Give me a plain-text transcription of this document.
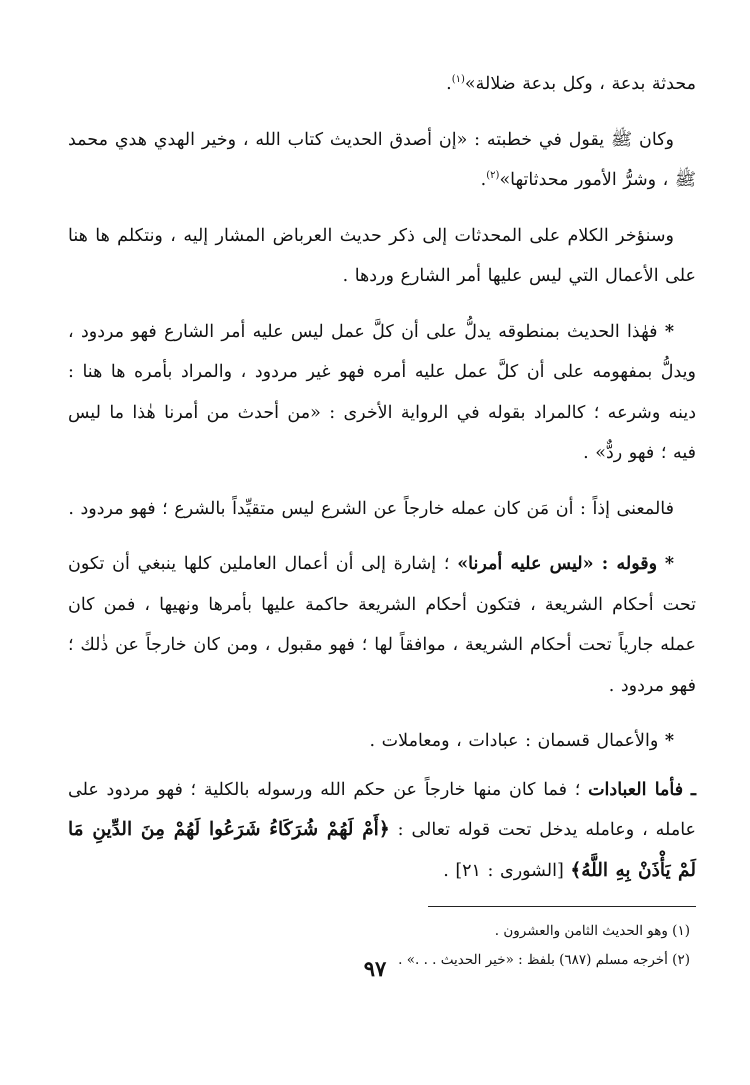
محدثة بدعة ، وكل بدعة ضلالة»$^{(١)}$.

وكان ﷺ يقول في خطبته : «إن أصدق الحديث كتاب الله ، وخير الهدي هدي محمد ﷺ ، وشرُّ الأمور محدثاتها»$^{(٢)}$.

وسنؤخر الكلام على المحدثات إلى ذكر حديث العرباض المشار إليه ، ونتكلم ها هنا على الأعمال التي ليس عليها أمر الشارع وردها .

* فهٰذا الحديث بمنطوقه يدلُّ على أن كلَّ عمل ليس عليه أمر الشارع فهو مردود ، ويدلُّ بمفهومه على أن كلَّ عمل عليه أمره فهو غير مردود ، والمراد بأمره ها هنا : دينه وشرعه ؛ كالمراد بقوله في الرواية الأخرى : «من أحدث من أمرنا هٰذا ما ليس فيه ؛ فهو ردٌّ» .

فالمعنى إذاً : أن مَن كان عمله خارجاً عن الشرع ليس متقيِّداً بالشرع ؛ فهو مردود .

* وقوله : «ليس عليه أمرنا» ؛ إشارة إلى أن أعمال العاملين كلها ينبغي أن تكون تحت أحكام الشريعة ، فتكون أحكام الشريعة حاكمة عليها بأمرها ونهيها ، فمن كان عمله جارياً تحت أحكام الشريعة ، موافقاً لها ؛ فهو مقبول ، ومن كان خارجاً عن ذٰلك ؛ فهو مردود .

* والأعمال قسمان : عبادات ، ومعاملات .

ـ فأما العبادات ؛ فما كان منها خارجاً عن حكم الله ورسوله بالكلية ؛ فهو مردود على عامله ، وعامله يدخل تحت قوله تعالى : ﴿أَمْ لَهُمْ شُرَكَاءُ شَرَعُوا لَهُمْ مِنَ الدِّينِ مَا لَمْ يَأْذَنْ بِهِ اللَّهُ﴾ [الشورى : ٢١] .

(١) وهو الحديث الثامن والعشرون .

(٢) أخرجه مسلم (٦٨٧) بلفظ : «خير الحديث . . .» .

٩٧
